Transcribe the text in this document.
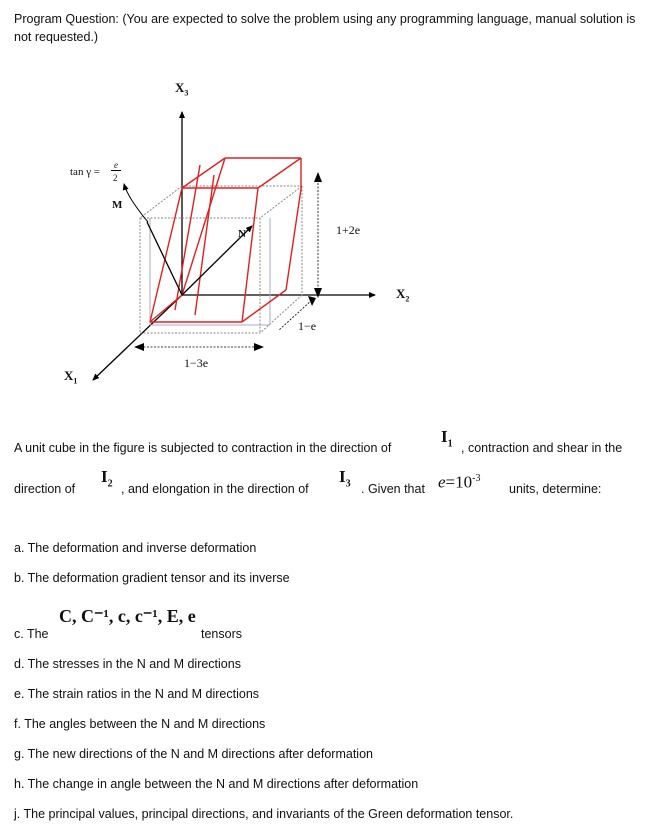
Program Question: (You are expected to solve the problem using any programming language, manual solution is not requested.)
$X_3$
$X_2$
$X_1$
tan γ =
e
2
M
N	1+2e
1−e
1−3e
A unit cube in the figure is subjected to contraction in the direction of
$I_1$ , contraction and shear in the
direction of
$I_2$ , and elongation in the direction of
$I_3$ . Given that $e=10^{-3}$
units, determine:
a. The deformation and inverse deformation
b. The deformation gradient tensor and its inverse
c. The
C, C⁻¹, c, c⁻¹, E, e
tensors
d. The stresses in the N and M directions
e. The strain ratios in the N and M directions
f. The angles between the N and M directions
g. The new directions of the N and M directions after deformation
h. The change in angle between the N and M directions after deformation
j. The principal values, principal directions, and invariants of the Green deformation tensor.
